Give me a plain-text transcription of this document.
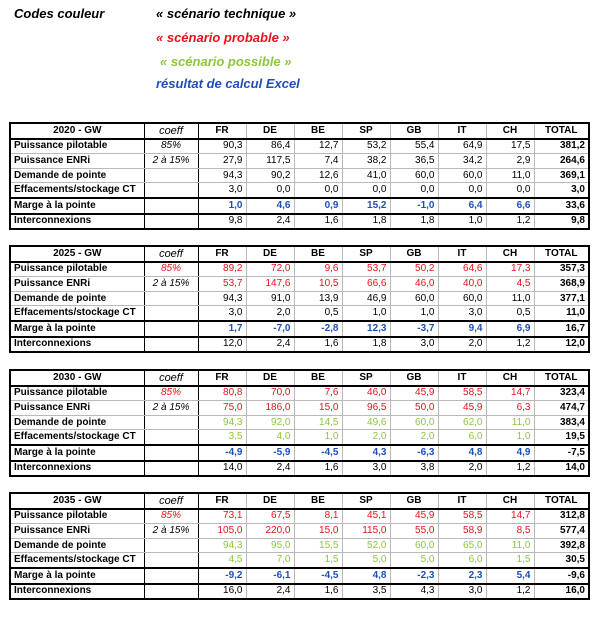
Codes couleur	« scénario technique »
« scénario probable »
« scénario possible »
résultat de calcul Excel
2020 - GW	coeff	FR	DE	BE	SP	GB	IT	CH	TOTAL
Puissance pilotable	85%	90,3	86,4	12,7	53,2	55,4	64,9	17,5	381,2
Puissance ENRi	2 à 15%	27,9	117,5	7,4	38,2	36,5	34,2	2,9	264,6
Demande de pointe		94,3	90,2	12,6	41,0	60,0	60,0	11,0	369,1
Effacements/stockage CT		3,0	0,0	0,0	0,0	0,0	0,0	0,0	3,0
Marge à la pointe		1,0	4,6	0,9	15,2	-1,0	6,4	6,6	33,6
Interconnexions		9,8	2,4	1,6	1,8	1,8	1,0	1,2	9,8
2025 - GW	coeff	FR	DE	BE	SP	GB	IT	CH	TOTAL
Puissance pilotable	85%	89,2	72,0	9,6	53,7	50,2	64,6	17,3	357,3
Puissance ENRi	2 à 15%	53,7	147,6	10,5	66,6	46,0	40,0	4,5	368,9
Demande de pointe		94,3	91,0	13,9	46,9	60,0	60,0	11,0	377,1
Effacements/stockage CT		3,0	2,0	0,5	1,0	1,0	3,0	0,5	11,0
Marge à la pointe		1,7	-7,0	-2,8	12,3	-3,7	9,4	6,9	16,7
Interconnexions		12,0	2,4	1,6	1,8	3,0	2,0	1,2	12,0
2030 - GW	coeff	FR	DE	BE	SP	GB	IT	CH	TOTAL
Puissance pilotable	85%	80,8	70,0	7,6	46,0	45,9	58,5	14,7	323,4
Puissance ENRi	2 à 15%	75,0	186,0	15,0	96,5	50,0	45,9	6,3	474,7
Demande de pointe		94,3	92,0	14,5	49,6	60,0	62,0	11,0	383,4
Effacements/stockage CT		3,5	4,0	1,0	2,0	2,0	6,0	1,0	19,5
Marge à la pointe		-4,9	-5,9	-4,5	4,3	-6,3	4,8	4,9	-7,5
Interconnexions		14,0	2,4	1,6	3,0	3,8	2,0	1,2	14,0
2035 - GW	coeff	FR	DE	BE	SP	GB	IT	CH	TOTAL
Puissance pilotable	85%	73,1	67,5	8,1	45,1	45,9	58,5	14,7	312,8
Puissance ENRi	2 à 15%	105,0	220,0	15,0	115,0	55,0	58,9	8,5	577,4
Demande de pointe		94,3	95,0	15,5	52,0	60,0	65,0	11,0	392,8
Effacements/stockage CT		4,5	7,0	1,5	5,0	5,0	6,0	1,5	30,5
Marge à la pointe		-9,2	-6,1	-4,5	4,8	-2,3	2,3	5,4	-9,6
Interconnexions		16,0	2,4	1,6	3,5	4,3	3,0	1,2	16,0
